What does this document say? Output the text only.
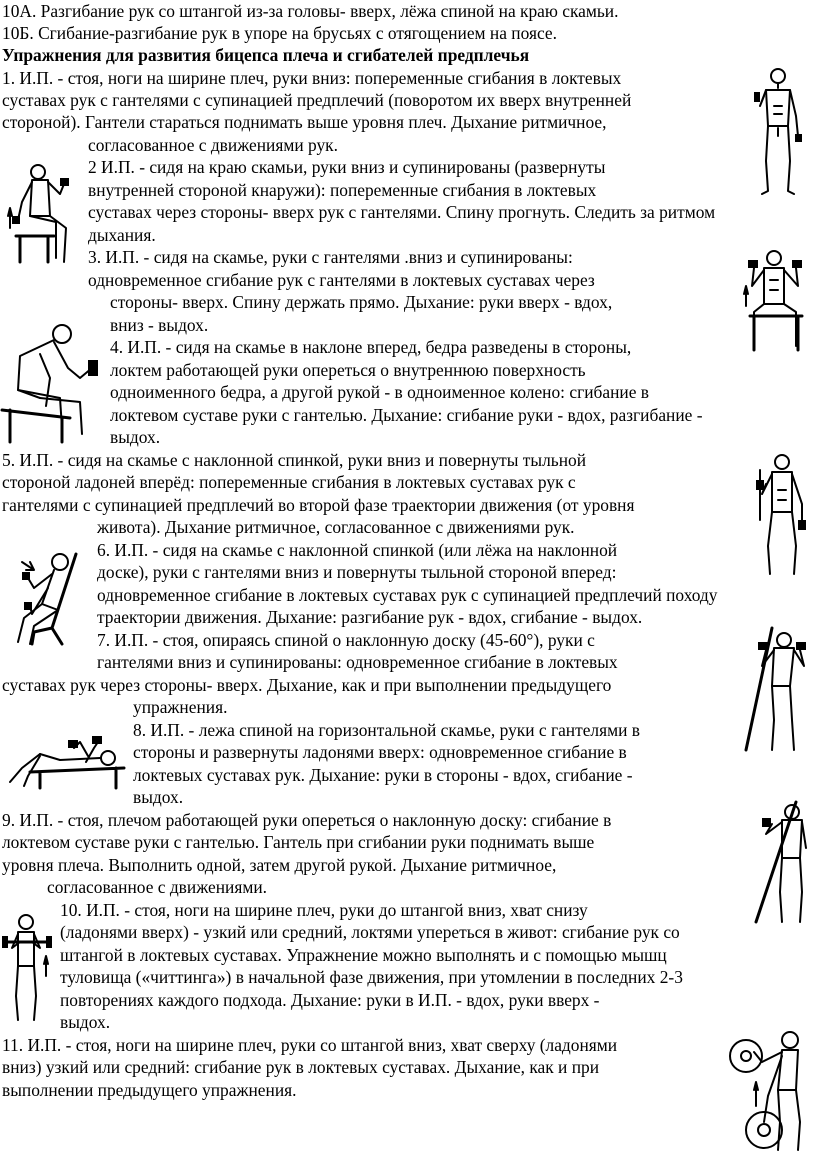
10А. Разгибание рук со штангой из-за головы- вверх, лёжа спиной на краю скамьи.
10Б. Сгибание-разгибание рук в упоре на брусьях с отягощением на поясе.
Упражнения для развития бицепса плеча и сгибателей предплечья
1. И.П. - стоя, ноги на ширине плеч, руки вниз: попеременные сгибания в локтевых
суставах рук с гантелями с супинацией предплечий (поворотом их вверх внутренней
стороной). Гантели стараться поднимать выше уровня плеч. Дыхание ритмичное,
согласованное с движениями рук.
2 И.П. - сидя на краю скамьи, руки вниз и супинированы (развернуты
внутренней стороной кнаружи): попеременные сгибания в локтевых
суставах через стороны- вверх рук с гантелями. Спину прогнуть. Следить за ритмом
дыхания.
3. И.П. - сидя на скамье, руки с гантелями .вниз и супинированы:
одновременное сгибание рук с гантелями в локтевых суставах через
стороны- вверх. Спину держать прямо. Дыхание: руки вверх - вдох,
вниз - выдох.
4. И.П. - сидя на скамье в наклоне вперед, бедра разведены в стороны,
локтем работающей руки опереться о внутреннюю поверхность
одноименного бедра, а другой рукой - в одноименное колено: сгибание в
локтевом суставе руки с гантелью. Дыхание: сгибание руки - вдох, разгибание -
выдох.
5. И.П. - сидя на скамье с наклонной спинкой, руки вниз и повернуты тыльной
стороной ладоней вперёд: попеременные сгибания в локтевых суставах рук с
гантелями с супинацией предплечий во второй фазе траектории движения (от уровня
живота). Дыхание ритмичное, согласованное с движениями рук.
6. И.П. - сидя на скамье с наклонной спинкой (или лёжа на наклонной
доске), руки с гантелями вниз и повернуты тыльной стороной вперед:
одновременное сгибание в локтевых суставах рук с супинацией предплечий походу
траектории движения. Дыхание: разгибание рук - вдох, сгибание - выдох.
7. И.П. - стоя, опираясь спиной о наклонную доску (45-60°), руки с
гантелями вниз и супинированы: одновременное сгибание в локтевых
суставах рук через стороны- вверх. Дыхание, как и при выполнении предыдущего
упражнения.
8. И.П. - лежа спиной на горизонтальной скамье, руки с гантелями в
стороны и развернуты ладонями вверх: одновременное сгибание в
локтевых суставах рук. Дыхание: руки в стороны - вдох, сгибание -
выдох.
9. И.П. - стоя, плечом работающей руки опереться о наклонную доску: сгибание в
локтевом суставе руки с гантелью. Гантель при сгибании руки поднимать выше
уровня плеча. Выполнить одной, затем другой рукой. Дыхание ритмичное,
согласованное с движениями.
10. И.П. - стоя, ноги на ширине плеч, руки до штангой вниз, хват снизу
(ладонями вверх) - узкий или средний, локтями упереться в живот: сгибание рук со
штангой в локтевых суставах. Упражнение можно выполнять и с помощью мышц
туловища («читтинга») в начальной фазе движения, при утомлении в последних 2-3
повторениях каждого подхода. Дыхание: руки в И.П. - вдох, руки вверх -
выдох.
11. И.П. - стоя, ноги на ширине плеч, руки со штангой вниз, хват сверху (ладонями
вниз) узкий или средний: сгибание рук в локтевых суставах. Дыхание, как и при
выполнении предыдущего упражнения.
